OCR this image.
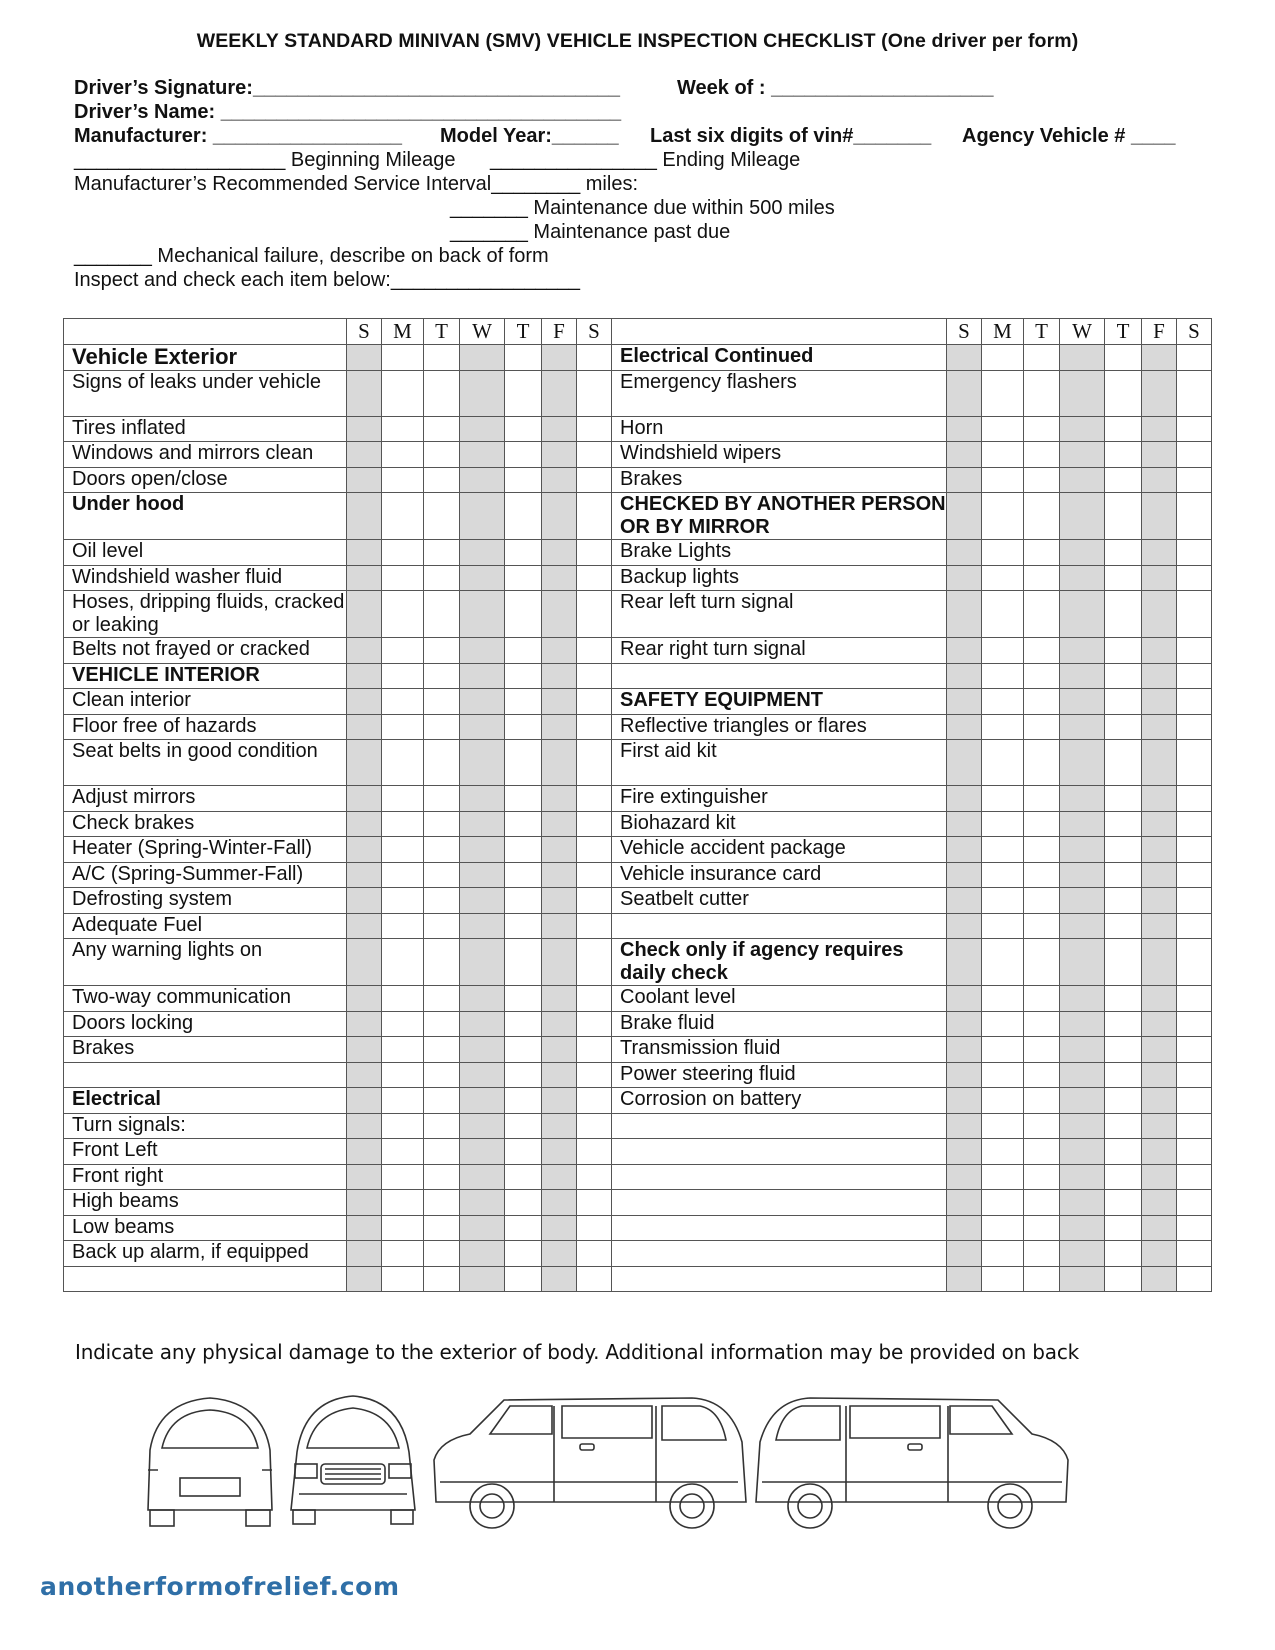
WEEKLY STANDARD MINIVAN (SMV) VEHICLE INSPECTION CHECKLIST (One driver per form)
Driver’s Signature:_________________________________	Week of : ____________________
Driver’s Name: ____________________________________
Manufacturer: _________________ Model Year:______ Last six digits of vin#_______ Agency Vehicle # ____
___________________ Beginning Mileage _______________ Ending Mileage
Manufacturer’s Recommended Service Interval________ miles:
_______ Maintenance due within 500 miles
_______ Maintenance past due
_______ Mechanical failure, describe on back of form
Inspect and check each item below:_________________
	S	M	T	W	T	F	S		S	M	T	W	T	F	S
Vehicle Exterior								Electrical Continued							
Signs of leaks under vehicle								Emergency flashers							
Tires inflated								Horn							
Windows and mirrors clean								Windshield wipers							
Doors open/close								Brakes							
Under hood								CHECKED BY ANOTHER PERSON OR BY MIRROR							
Oil level								Brake Lights							
Windshield washer fluid								Backup lights							
Hoses, dripping fluids, cracked or leaking								Rear left turn signal							
Belts not frayed or cracked								Rear right turn signal							
VEHICLE INTERIOR															
Clean interior								SAFETY EQUIPMENT							
Floor free of hazards								Reflective triangles or flares							
Seat belts in good condition								First aid kit							
Adjust mirrors								Fire extinguisher							
Check brakes								Biohazard kit							
Heater (Spring-Winter-Fall)								Vehicle accident package							
A/C (Spring-Summer-Fall)								Vehicle insurance card							
Defrosting system								Seatbelt cutter							
Adequate Fuel															
Any warning lights on								Check only if agency requires daily check							
Two-way communication								Coolant level							
Doors locking								Brake fluid							
Brakes								Transmission fluid							
								Power steering fluid							
Electrical								Corrosion on battery							
Turn signals:															
Front Left															
Front right															
High beams															
Low beams															
Back up alarm, if equipped															

Indicate any physical damage to the exterior of body. Additional information may be provided on back
anotherformofrelief.com
